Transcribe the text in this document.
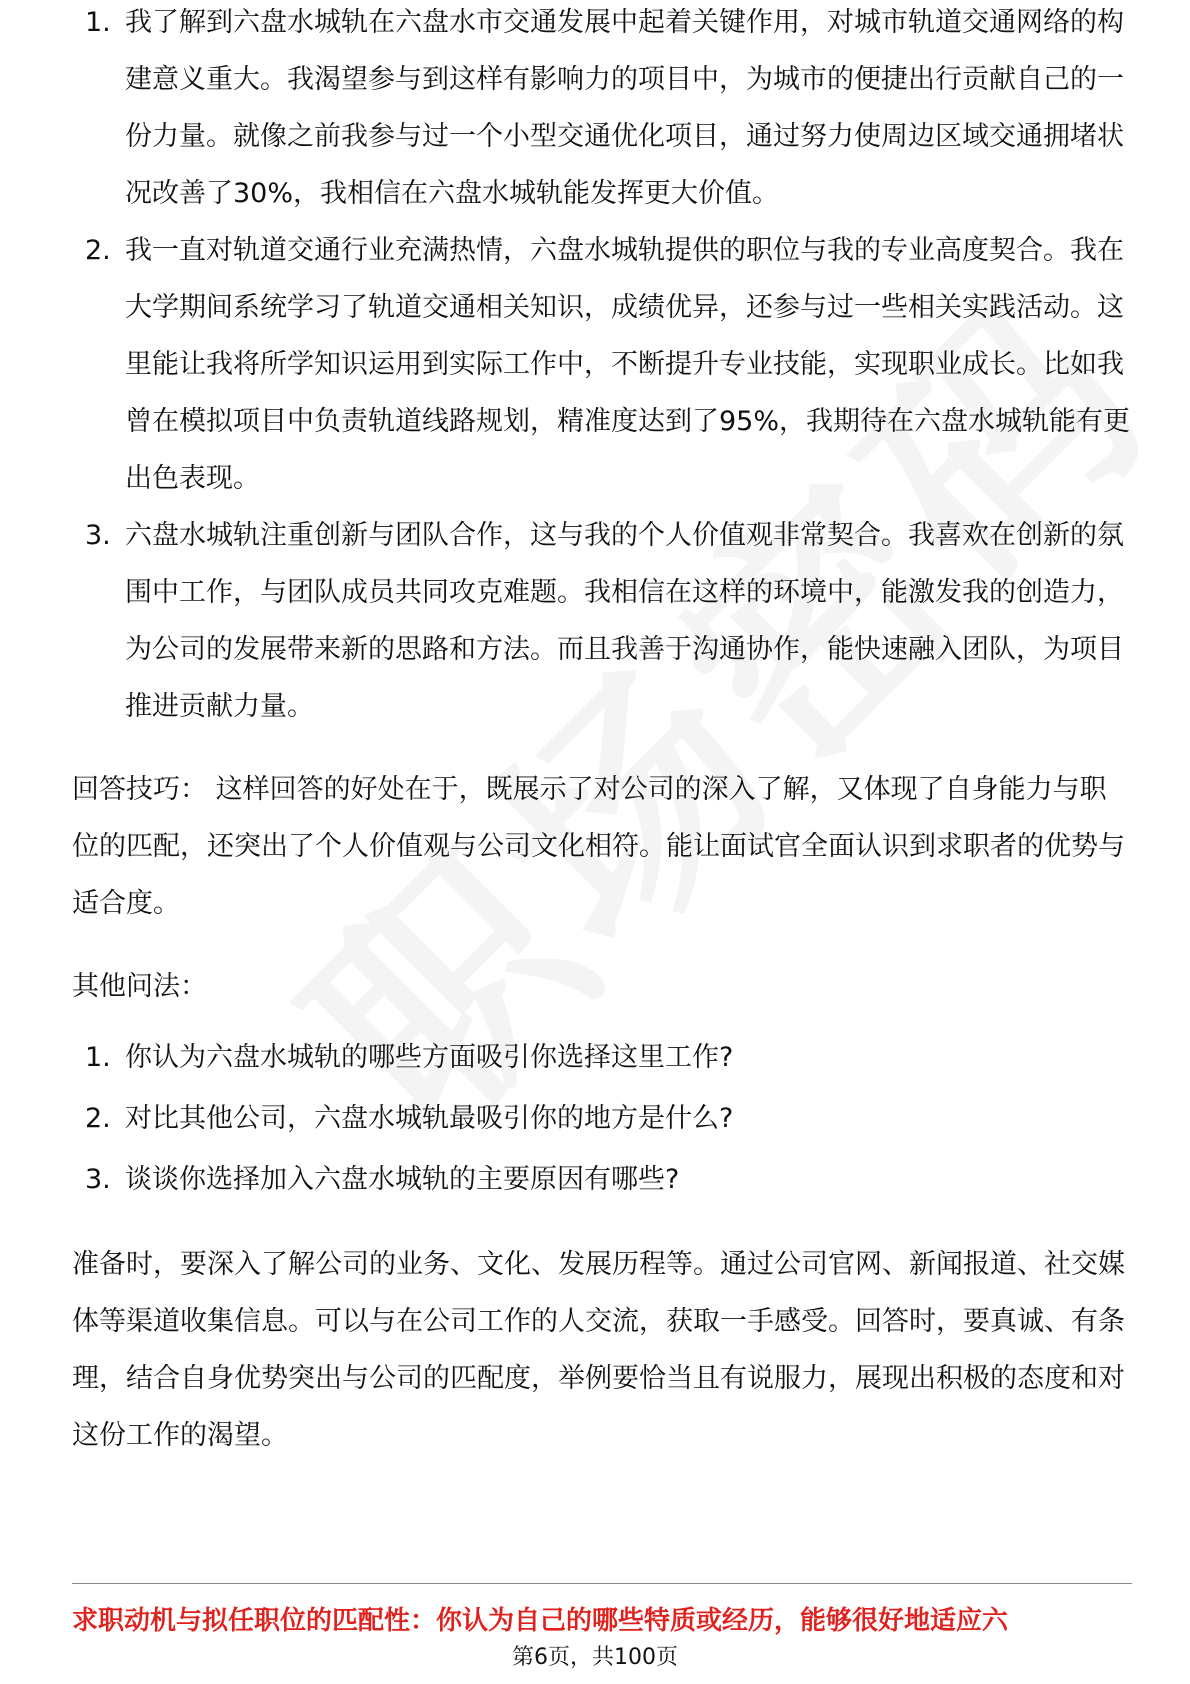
1. 我了解到六盘水城轨在六盘水市交通发展中起着关键作用，对城市轨道交通网络的构建意义重大。我渴望参与到这样有影响力的项目中，为城市的便捷出行贡献自己的一份力量。就像之前我参与过一个小型交通优化项目，通过努力使周边区域交通拥堵状况改善了30%，我相信在六盘水城轨能发挥更大价值。
2. 我一直对轨道交通行业充满热情，六盘水城轨提供的职位与我的专业高度契合。我在大学期间系统学习了轨道交通相关知识，成绩优异，还参与过一些相关实践活动。这里能让我将所学知识运用到实际工作中，不断提升专业技能，实现职业成长。比如我曾在模拟项目中负责轨道线路规划，精准度达到了95%，我期待在六盘水城轨能有更出色表现。
3. 六盘水城轨注重创新与团队合作，这与我的个人价值观非常契合。我喜欢在创新的氛围中工作，与团队成员共同攻克难题。我相信在这样的环境中，能激发我的创造力，为公司的发展带来新的思路和方法。而且我善于沟通协作，能快速融入团队，为项目推进贡献力量。

回答技巧： 这样回答的好处在于，既展示了对公司的深入了解，又体现了自身能力与职位的匹配，还突出了个人价值观与公司文化相符。能让面试官全面认识到求职者的优势与适合度。

其他问法：

1. 你认为六盘水城轨的哪些方面吸引你选择这里工作?
2. 对比其他公司，六盘水城轨最吸引你的地方是什么?
3. 谈谈你选择加入六盘水城轨的主要原因有哪些?

准备时，要深入了解公司的业务、文化、发展历程等。通过公司官网、新闻报道、社交媒体等渠道收集信息。可以与在公司工作的人交流，获取一手感受。回答时，要真诚、有条理，结合自身优势突出与公司的匹配度，举例要恰当且有说服力，展现出积极的态度和对这份工作的渴望。

求职动机与拟任职位的匹配性：你认为自己的哪些特质或经历，能够很好地适应六
第6页，共100页
